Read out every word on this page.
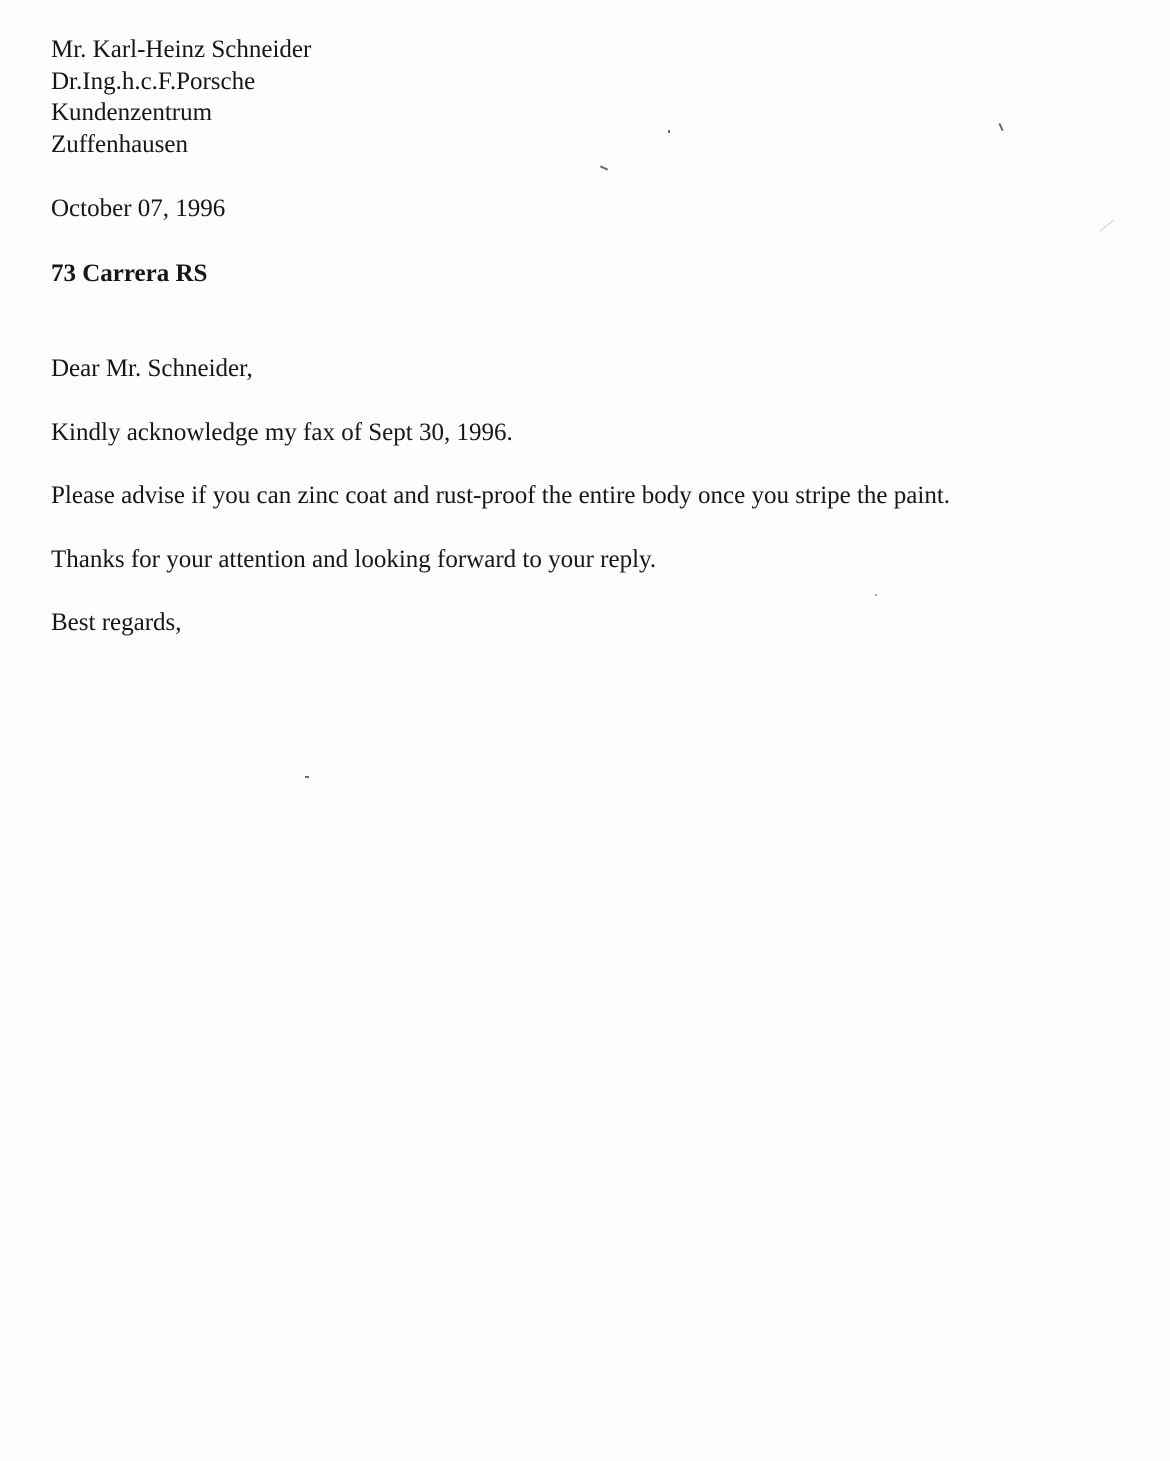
Mr. Karl-Heinz Schneider

Dr.Ing.h.c.F.Porsche

Kundenzentrum

Zuffenhausen

October 07, 1996

73 Carrera RS

Dear Mr. Schneider,

Kindly acknowledge my fax of Sept 30, 1996.

Please advise if you can zinc coat and rust-proof the entire body once you stripe the paint.

Thanks for your attention and looking forward to your reply.

Best regards,
